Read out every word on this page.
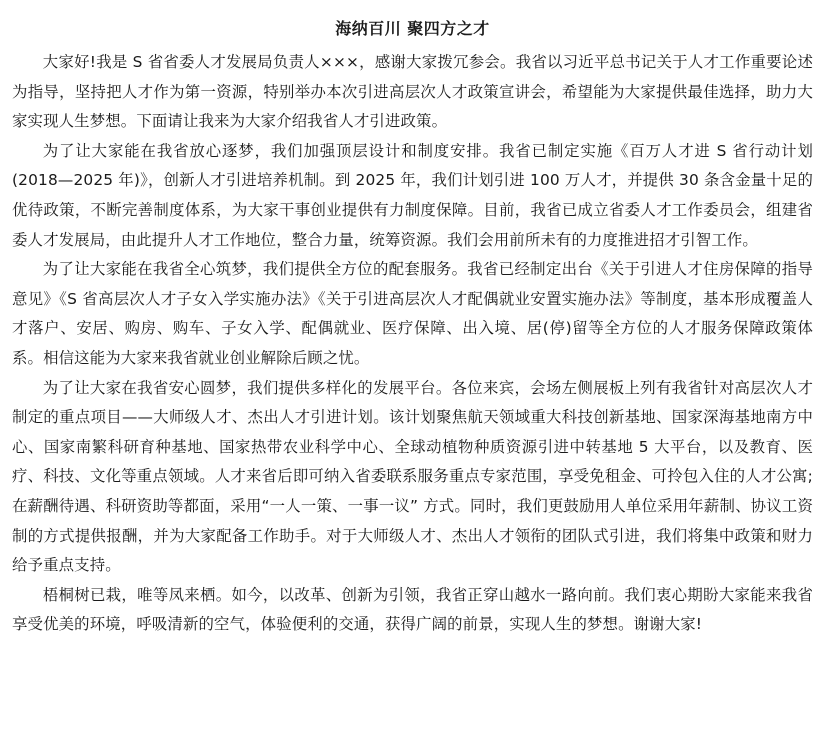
海纳百川 聚四方之才

大家好!我是 S 省省委人才发展局负责人×××，感谢大家拨冗参会。我省以习近平总书记关于人才工作重要论述为指导，坚持把人才作为第一资源，特别举办本次引进高层次人才政策宣讲会，希望能为大家提供最佳选择，助力大家实现人生梦想。下面请让我来为大家介绍我省人才引进政策。

为了让大家能在我省放心逐梦，我们加强顶层设计和制度安排。我省已制定实施《百万人才进 S 省行动计划(2018—2025 年)》，创新人才引进培养机制。到 2025 年，我们计划引进 100 万人才，并提供 30 条含金量十足的优待政策，不断完善制度体系，为大家干事创业提供有力制度保障。目前，我省已成立省委人才工作委员会，组建省委人才发展局，由此提升人才工作地位，整合力量，统筹资源。我们会用前所未有的力度推进招才引智工作。

为了让大家能在我省全心筑梦，我们提供全方位的配套服务。我省已经制定出台《关于引进人才住房保障的指导意见》《S 省高层次人才子女入学实施办法》《关于引进高层次人才配偶就业安置实施办法》等制度，基本形成覆盖人才落户、安居、购房、购车、子女入学、配偶就业、医疗保障、出入境、居(停)留等全方位的人才服务保障政策体系。相信这能为大家来我省就业创业解除后顾之忧。

为了让大家在我省安心圆梦，我们提供多样化的发展平台。各位来宾，会场左侧展板上列有我省针对高层次人才制定的重点项目——大师级人才、杰出人才引进计划。该计划聚焦航天领域重大科技创新基地、国家深海基地南方中心、国家南繁科研育种基地、国家热带农业科学中心、全球动植物种质资源引进中转基地 5 大平台，以及教育、医疗、科技、文化等重点领域。人才来省后即可纳入省委联系服务重点专家范围，享受免租金、可拎包入住的人才公寓;在薪酬待遇、科研资助等都面，采用“一人一策、一事一议” 方式。同时，我们更鼓励用人单位采用年薪制、协议工资制的方式提供报酬，并为大家配备工作助手。对于大师级人才、杰出人才领衔的团队式引进，我们将集中政策和财力给予重点支持。

梧桐树已栽，唯等凤来栖。如今，以改革、创新为引领，我省正穿山越水一路向前。我们衷心期盼大家能来我省享受优美的环境，呼吸清新的空气，体验便利的交通，获得广阔的前景，实现人生的梦想。谢谢大家!
